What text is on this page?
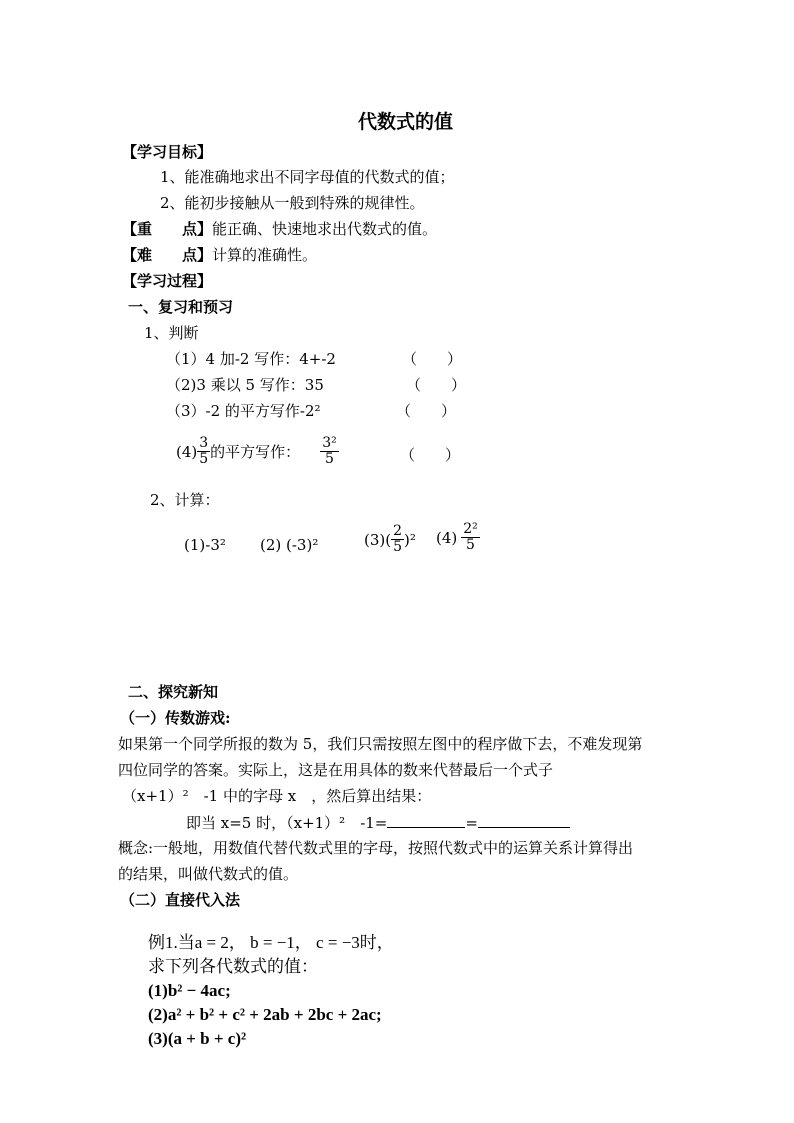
代数式的值
【学习目标】
1、能准确地求出不同字母值的代数式的值；
2、能初步接触从一般到特殊的规律性。
【重　　点】能正确、快速地求出代数式的值。
【难　　点】计算的准确性。
【学习过程】
一、复习和预习
1、判断
（1）4 加-2 写作：4+-2	（　　）
（2)3 乘以 5 写作：35	（　　）
（3）-2 的平方写作-2²	（　　）
$(4) \frac{3}{5}$ 的平方写作： $\frac{\text{3²}}{5}$	（　　）
2、计算：
(1)-3² (2) (-3)²	$(3)( \frac{2}{5} )^2$ $(4) \frac{\text{2²}}{5}$
二、探究新知
（一）传数游戏:
如果第一个同学所报的数为 5，我们只需按照左图中的程序做下去，不难发现第
四位同学的答案。实际上，这是在用具体的数来代替最后一个式子
（x+1）²　-1 中的字母 x　，然后算出结果：
即当 x=5 时，（x+1）²　-1=	=
概念:一般地，用数值代替代数式里的字母，按照代数式中的运算关系计算得出
的结果，叫做代数式的值。
（二）直接代入法
例1.当a = 2， b = −1， c = −3时，
求下列各代数式的值：
(1)b² − 4ac;
(2)a² + b² + c² + 2ab + 2bc + 2ac;
(3)(a + b + c)²
